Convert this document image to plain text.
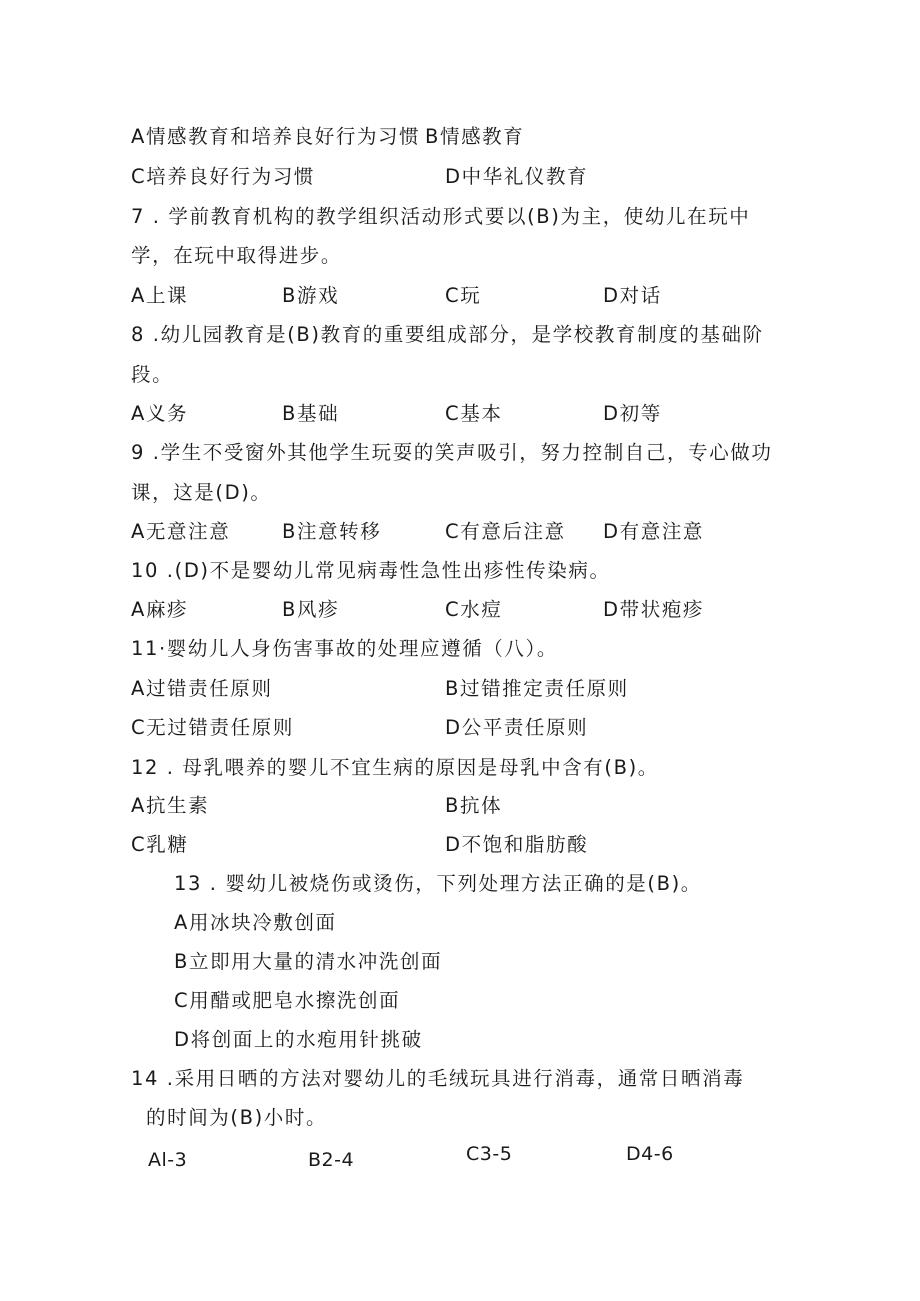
A情感教育和培养良好行为习惯 B情感教育
C培养良好行为习惯	D中华礼仪教育
7 . 学前教育机构的教学组织活动形式要以(B)为主，使幼儿在玩中
学，在玩中取得进步。
A上课	B游戏	C玩	D对话
8 .幼儿园教育是(B)教育的重要组成部分，是学校教育制度的基础阶
段。
A义务	B基础	C基本	D初等
9 .学生不受窗外其他学生玩耍的笑声吸引，努力控制自己，专心做功
课，这是(D)。
A无意注意	B注意转移	C有意后注意 D有意注意
10 .(D)不是婴幼儿常见病毒性急性出疹性传染病。
A麻疹	B风疹	C水痘	D带状疱疹
11·婴幼儿人身伤害事故的处理应遵循（八）。
A过错责任原则	B过错推定责任原则
C无过错责任原则	D公平责任原则
12 . 母乳喂养的婴儿不宜生病的原因是母乳中含有(B)。
A抗生素	B抗体
C乳糖	D不饱和脂肪酸
13 . 婴幼儿被烧伤或烫伤，下列处理方法正确的是(B)。
A用冰块冷敷创面
B立即用大量的清水冲洗创面
C用醋或肥皂水擦洗创面
D将创面上的水疱用针挑破
14 .采用日晒的方法对婴幼儿的毛绒玩具进行消毒，通常日晒消毒
的时间为(B)小时。
Al-3	B2-4	C3-5	D4-6
